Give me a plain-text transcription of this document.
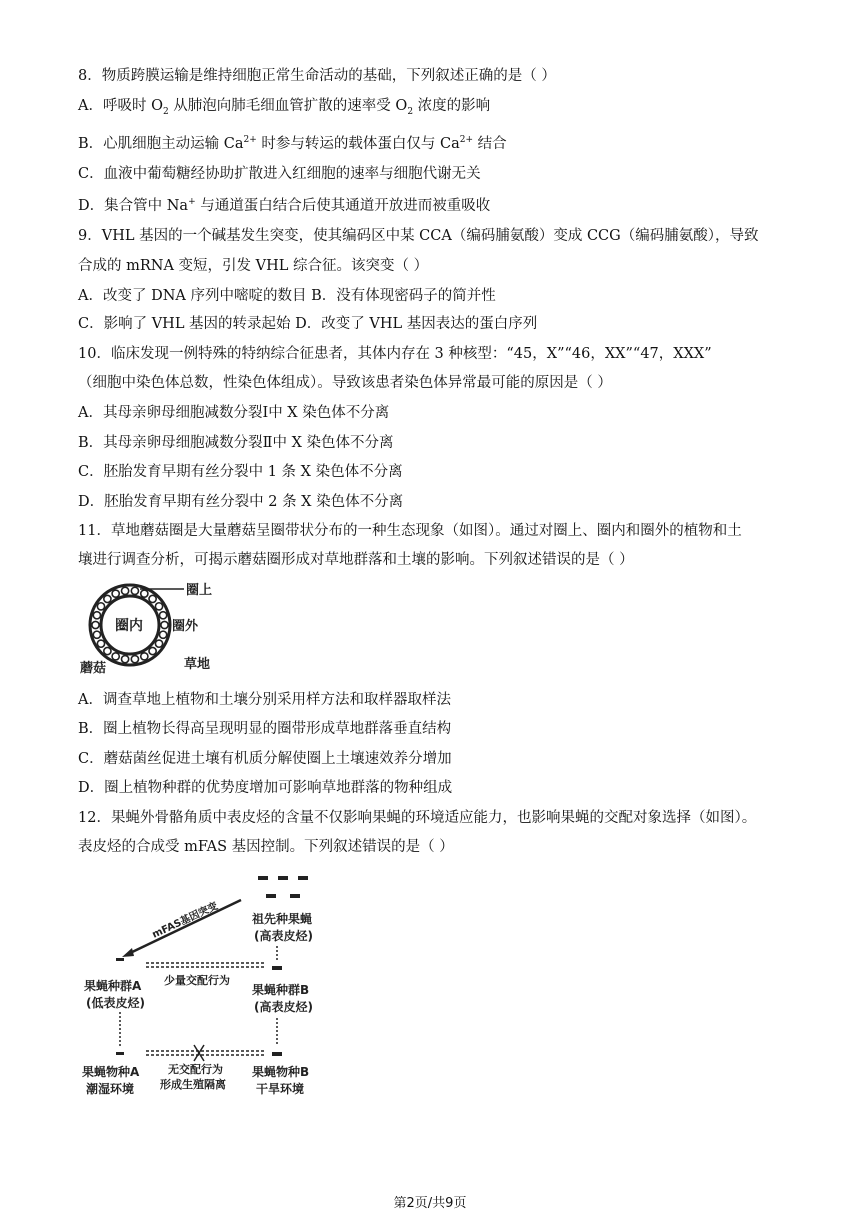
8．物质跨膜运输是维持细胞正常生命活动的基础，下列叙述正确的是（ ）
A．呼吸时 $O_2$ 从肺泡向肺毛细血管扩散的速率受 $O_2$ 浓度的影响
B．心肌细胞主动运输 $Ca^{2+}$ 时参与转运的载体蛋白仅与 $Ca^{2+}$ 结合
C．血液中葡萄糖经协助扩散进入红细胞的速率与细胞代谢无关
D．集合管中 Na+ 与通道蛋白结合后使其通道开放进而被重吸收
9．VHL 基因的一个碱基发生突变，使其编码区中某 CCA（编码脯氨酸）变成 CCG（编码脯氨酸），导致
合成的 mRNA 变短，引发 VHL 综合征。该突变（ ）
A．改变了 DNA 序列中嘧啶的数目 B．没有体现密码子的简并性
C．影响了 VHL 基因的转录起始 D．改变了 VHL 基因表达的蛋白序列
10．临床发现一例特殊的特纳综合征患者，其体内存在 3 种核型：“45，X”“46，XX”“47，XXX”
（细胞中染色体总数，性染色体组成）。导致该患者染色体异常最可能的原因是（ ）
A．其母亲卵母细胞减数分裂Ⅰ中 X 染色体不分离
B．其母亲卵母细胞减数分裂Ⅱ中 X 染色体不分离
C．胚胎发育早期有丝分裂中 1 条 X 染色体不分离
D．胚胎发育早期有丝分裂中 2 条 X 染色体不分离
11．草地蘑菇圈是大量蘑菇呈圈带状分布的一种生态现象（如图）。通过对圈上、圈内和圈外的植物和土
壤进行调查分析，可揭示蘑菇圈形成对草地群落和土壤的影响。下列叙述错误的是（ ）
圈上
圈内 圈外
草地
蘑菇
A．调查草地上植物和土壤分别采用样方法和取样器取样法
B．圈上植物长得高呈现明显的圈带形成草地群落垂直结构
C．蘑菇菌丝促进土壤有机质分解使圈上土壤速效养分增加
D．圈上植物种群的优势度增加可影响草地群落的物种组成
12．果蝇外骨骼角质中表皮烃的含量不仅影响果蝇的环境适应能力，也影响果蝇的交配对象选择（如图）。
表皮烃的合成受 mFAS 基因控制。下列叙述错误的是（ ）
mFAS基因突变	祖先种果蝇
(高表皮烃)
少量交配行为
果蝇种群A
(低表皮烃)
果蝇种群B
(高表皮烃)
无交配行为
形成生殖隔离
果蝇物种A
潮湿环境
果蝇物种B
干旱环境
第2页/共9页
